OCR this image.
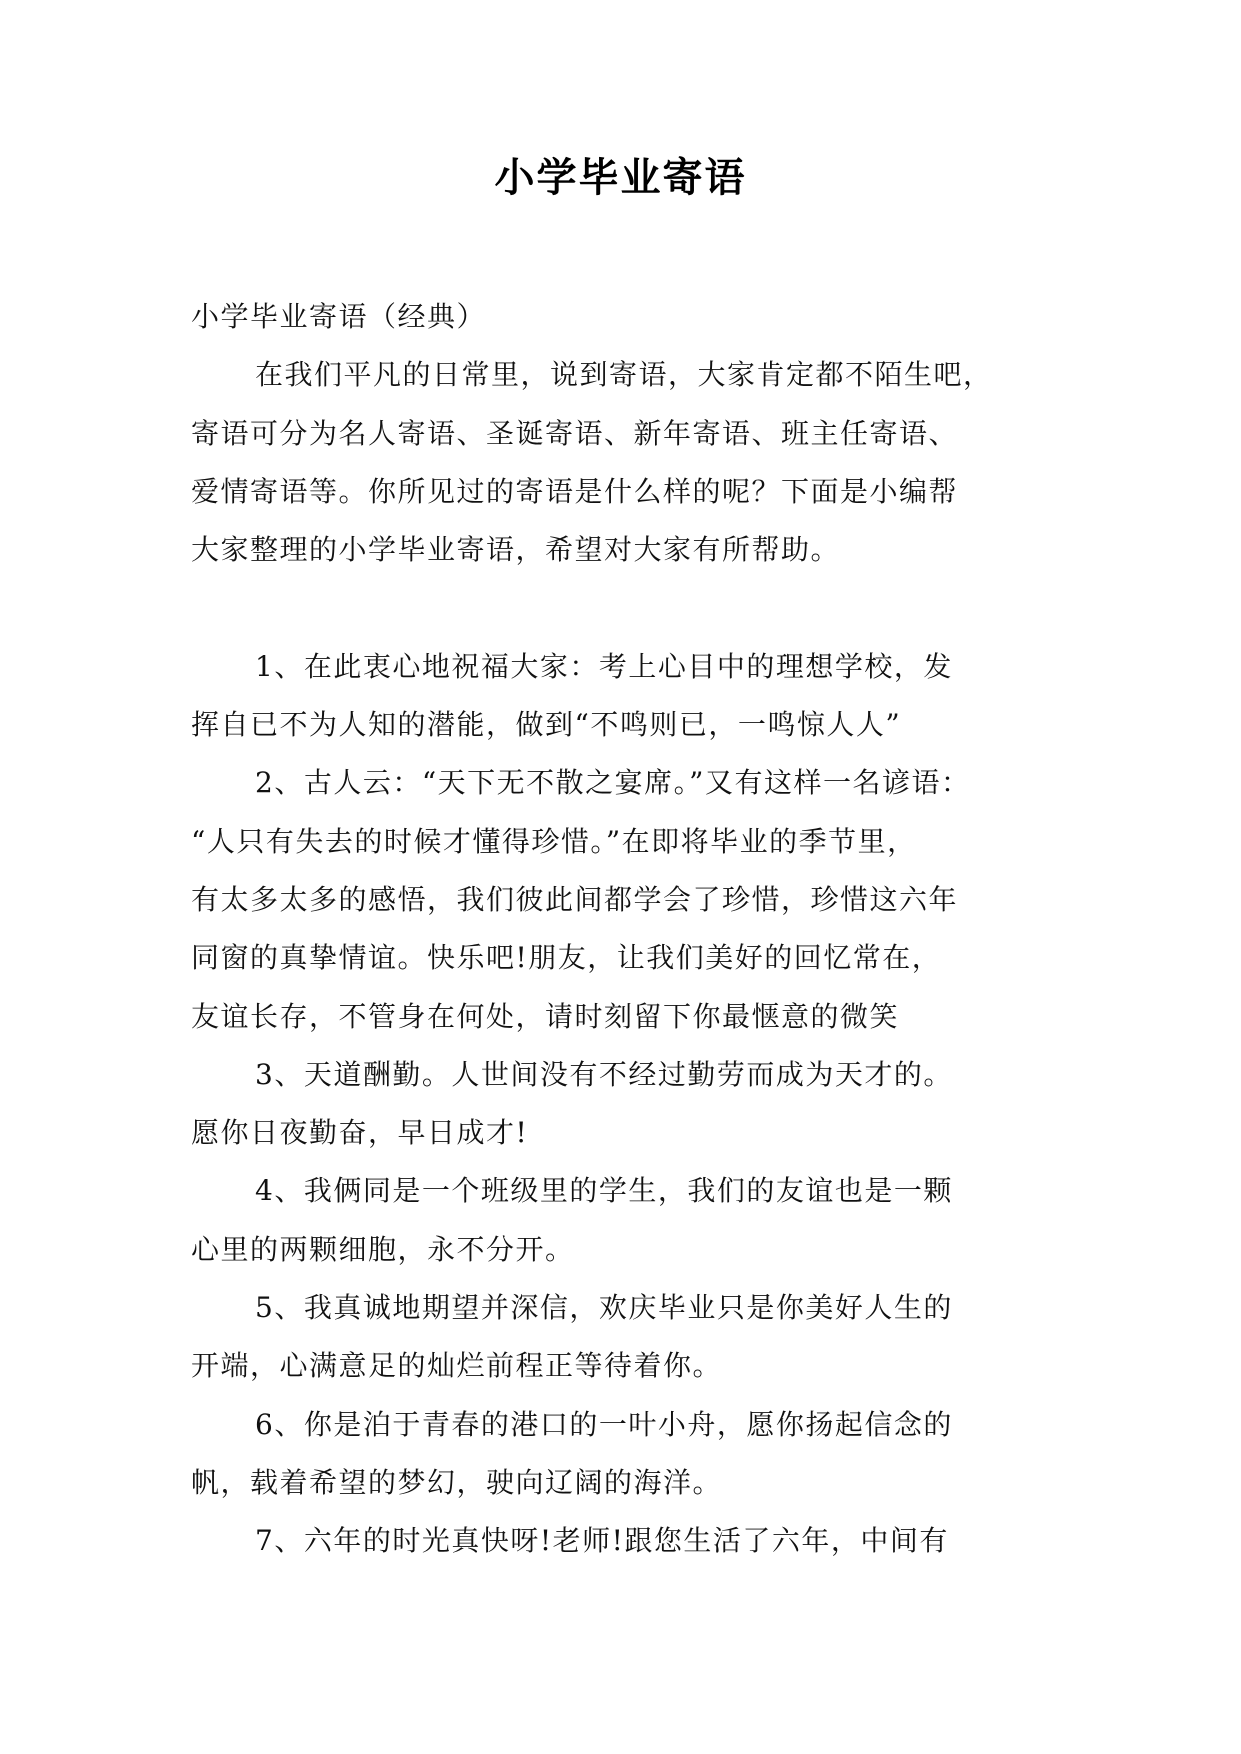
小学毕业寄语
小学毕业寄语（经典）
在我们平凡的日常里，说到寄语，大家肯定都不陌生吧，
寄语可分为名人寄语、圣诞寄语、新年寄语、班主任寄语、
爱情寄语等。你所见过的寄语是什么样的呢？下面是小编帮
大家整理的小学毕业寄语，希望对大家有所帮助。
1、在此衷心地祝福大家：考上心目中的理想学校，发
挥自已不为人知的潜能，做到“不鸣则已，一鸣惊人人”
2、古人云：“天下无不散之宴席。”又有这样一名谚语：
“人只有失去的时候才懂得珍惜。”在即将毕业的季节里，
有太多太多的感悟，我们彼此间都学会了珍惜，珍惜这六年
同窗的真挚情谊。快乐吧!朋友，让我们美好的回忆常在，
友谊长存，不管身在何处，请时刻留下你最惬意的微笑
3、天道酬勤。人世间没有不经过勤劳而成为天才的。
愿你日夜勤奋，早日成才!
4、我俩同是一个班级里的学生，我们的友谊也是一颗
心里的两颗细胞，永不分开。
5、我真诚地期望并深信，欢庆毕业只是你美好人生的
开端，心满意足的灿烂前程正等待着你。
6、你是泊于青春的港口的一叶小舟，愿你扬起信念的
帆，载着希望的梦幻，驶向辽阔的海洋。
7、六年的时光真快呀!老师!跟您生活了六年，中间有
